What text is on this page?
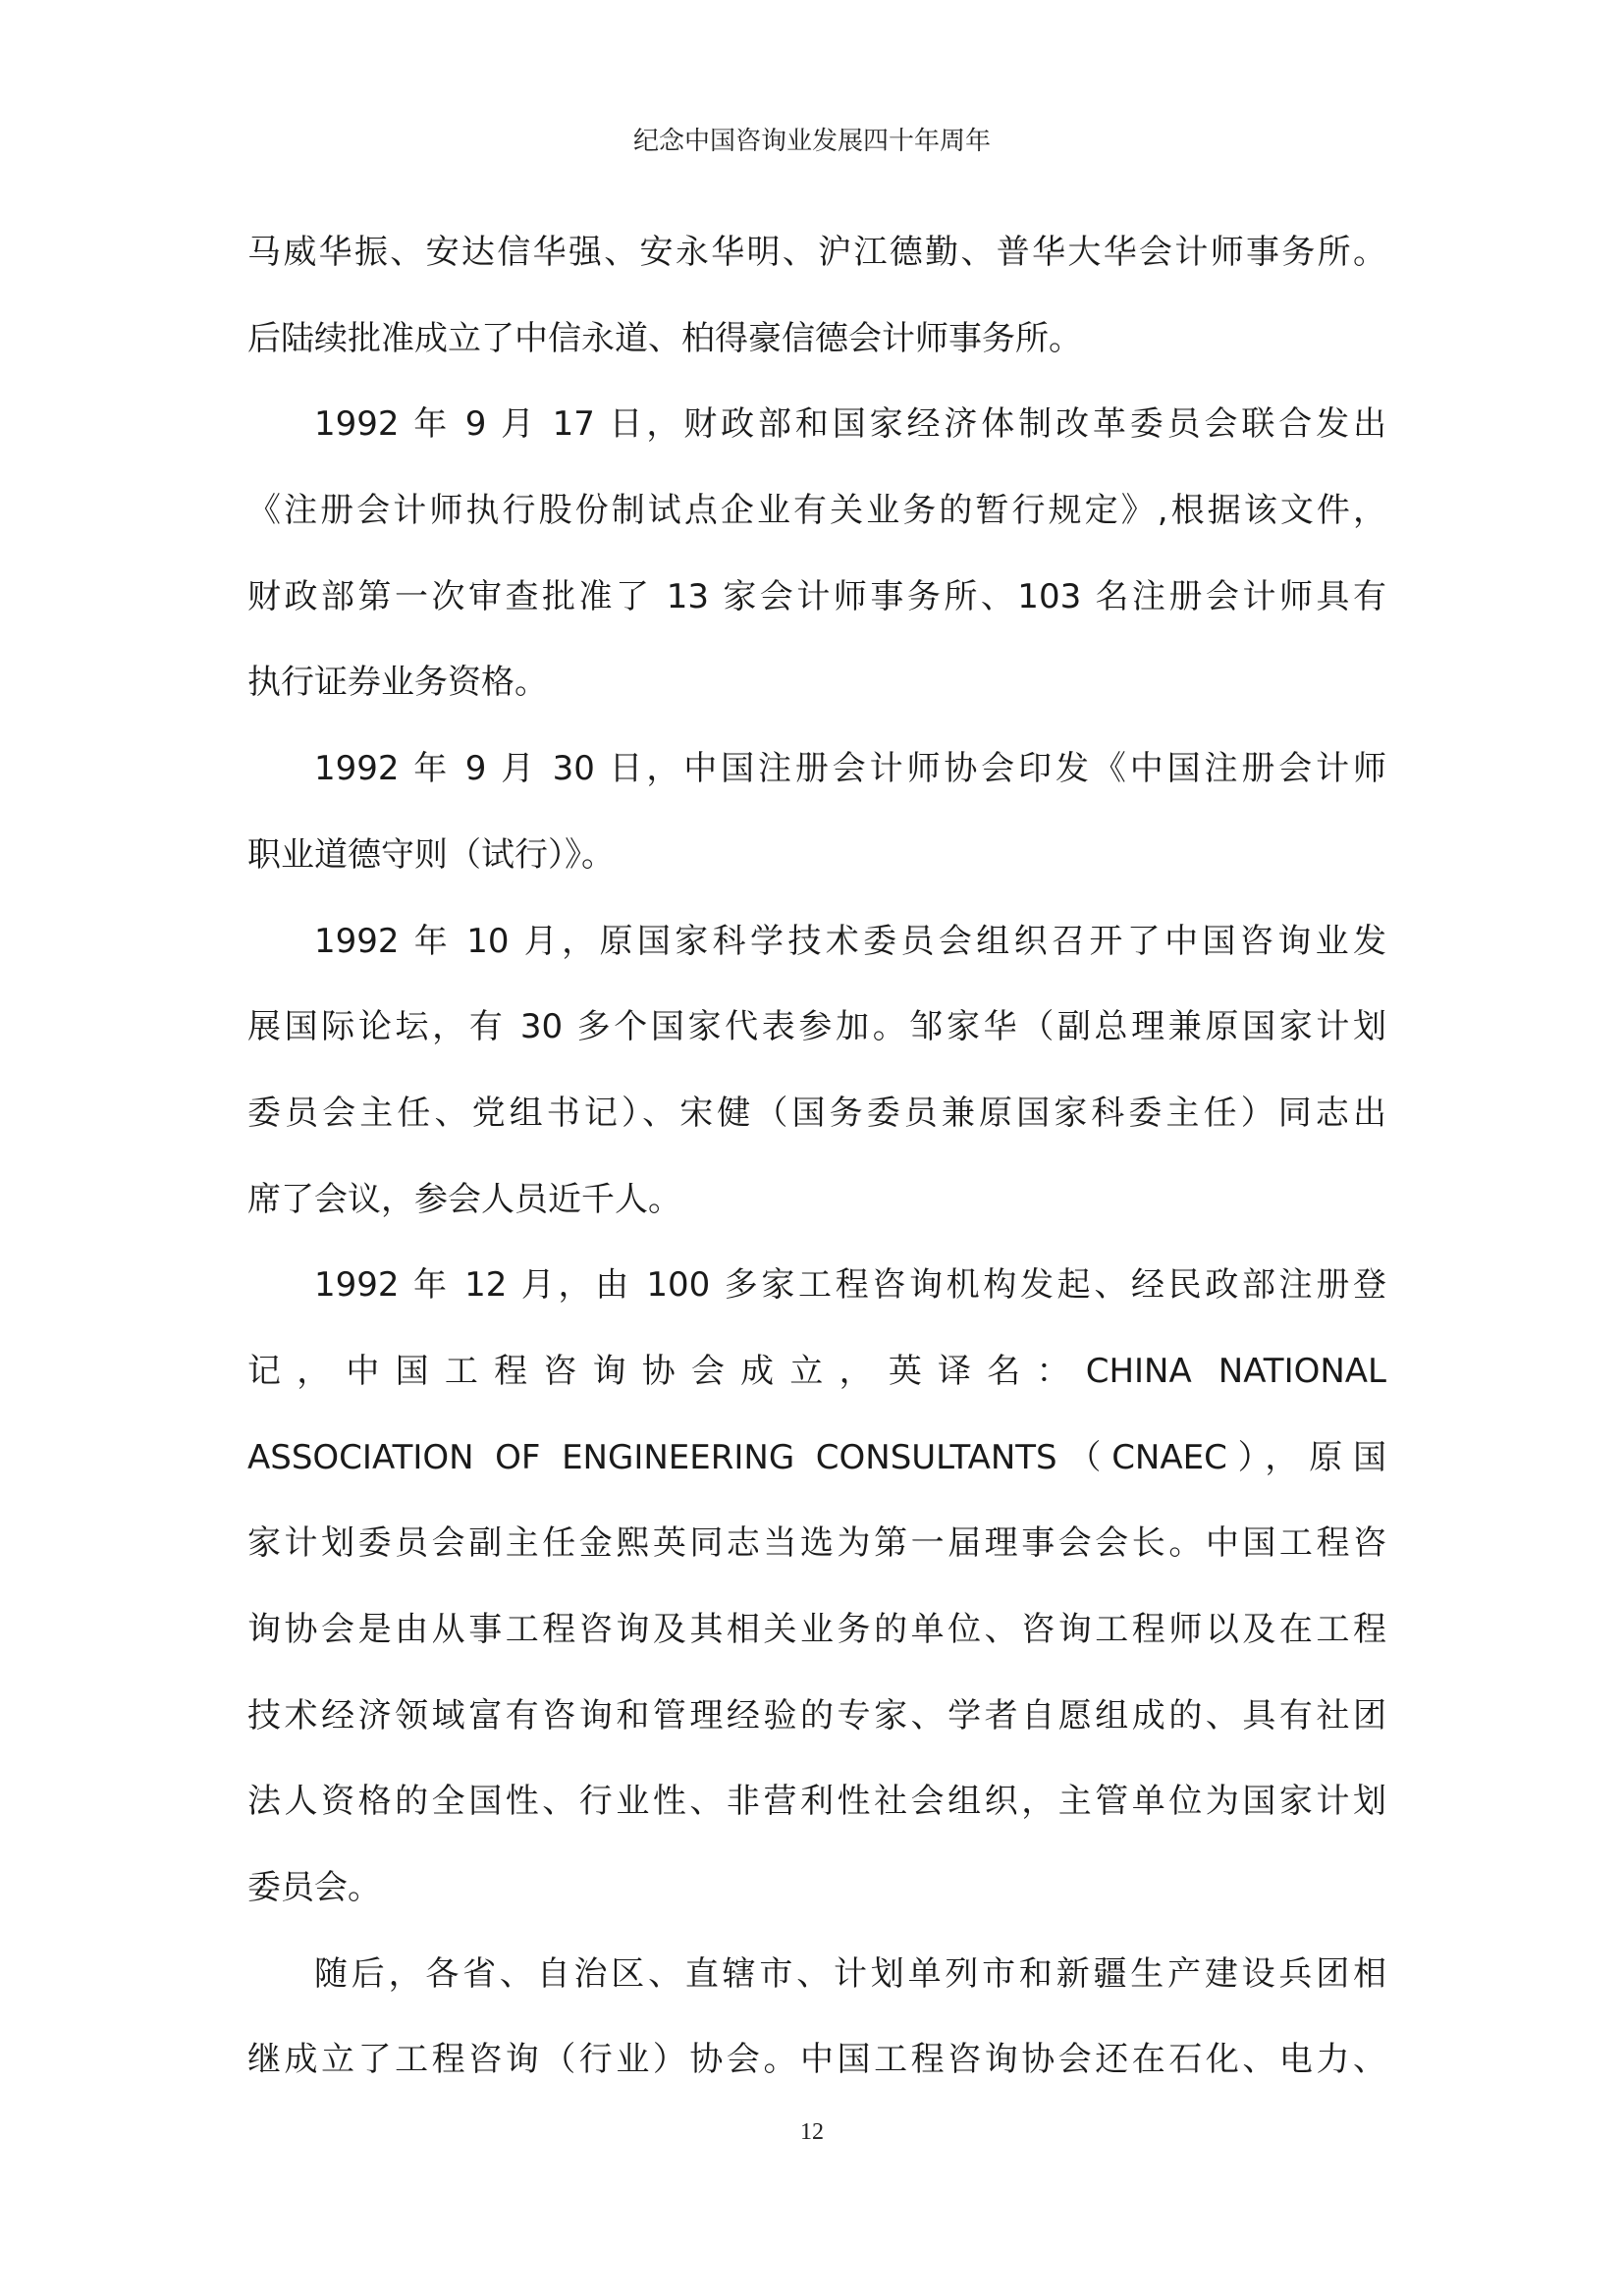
纪念中国咨询业发展四十年周年
马威华振、安达信华强、安永华明、沪江德勤、普华大华会计师事务所。
后陆续批准成立了中信永道、柏得豪信德会计师事务所。
1992 年 9 月 17 日，财政部和国家经济体制改革委员会联合发出
《注册会计师执行股份制试点企业有关业务的暂行规定》,根据该文件，
财政部第一次审查批准了 13 家会计师事务所、103 名注册会计师具有
执行证券业务资格。
1992 年 9 月 30 日，中国注册会计师协会印发《中国注册会计师
职业道德守则（试行）》。
1992 年 10 月，原国家科学技术委员会组织召开了中国咨询业发
展国际论坛，有 30 多个国家代表参加。邹家华（副总理兼原国家计划
委员会主任、党组书记）、宋健（国务委员兼原国家科委主任）同志出
席了会议，参会人员近千人。
1992 年 12 月，由 100 多家工程咨询机构发起、经民政部注册登
记，中国工程咨询协会成立，英译名：CHINA NATIONAL
ASSOCIATION OF ENGINEERING CONSULTANTS（CNAEC），原国
家计划委员会副主任金熙英同志当选为第一届理事会会长。中国工程咨
询协会是由从事工程咨询及其相关业务的单位、咨询工程师以及在工程
技术经济领域富有咨询和管理经验的专家、学者自愿组成的、具有社团
法人资格的全国性、行业性、非营利性社会组织，主管单位为国家计划
委员会。
随后，各省、自治区、直辖市、计划单列市和新疆生产建设兵团相
继成立了工程咨询（行业）协会。中国工程咨询协会还在石化、电力、
12
